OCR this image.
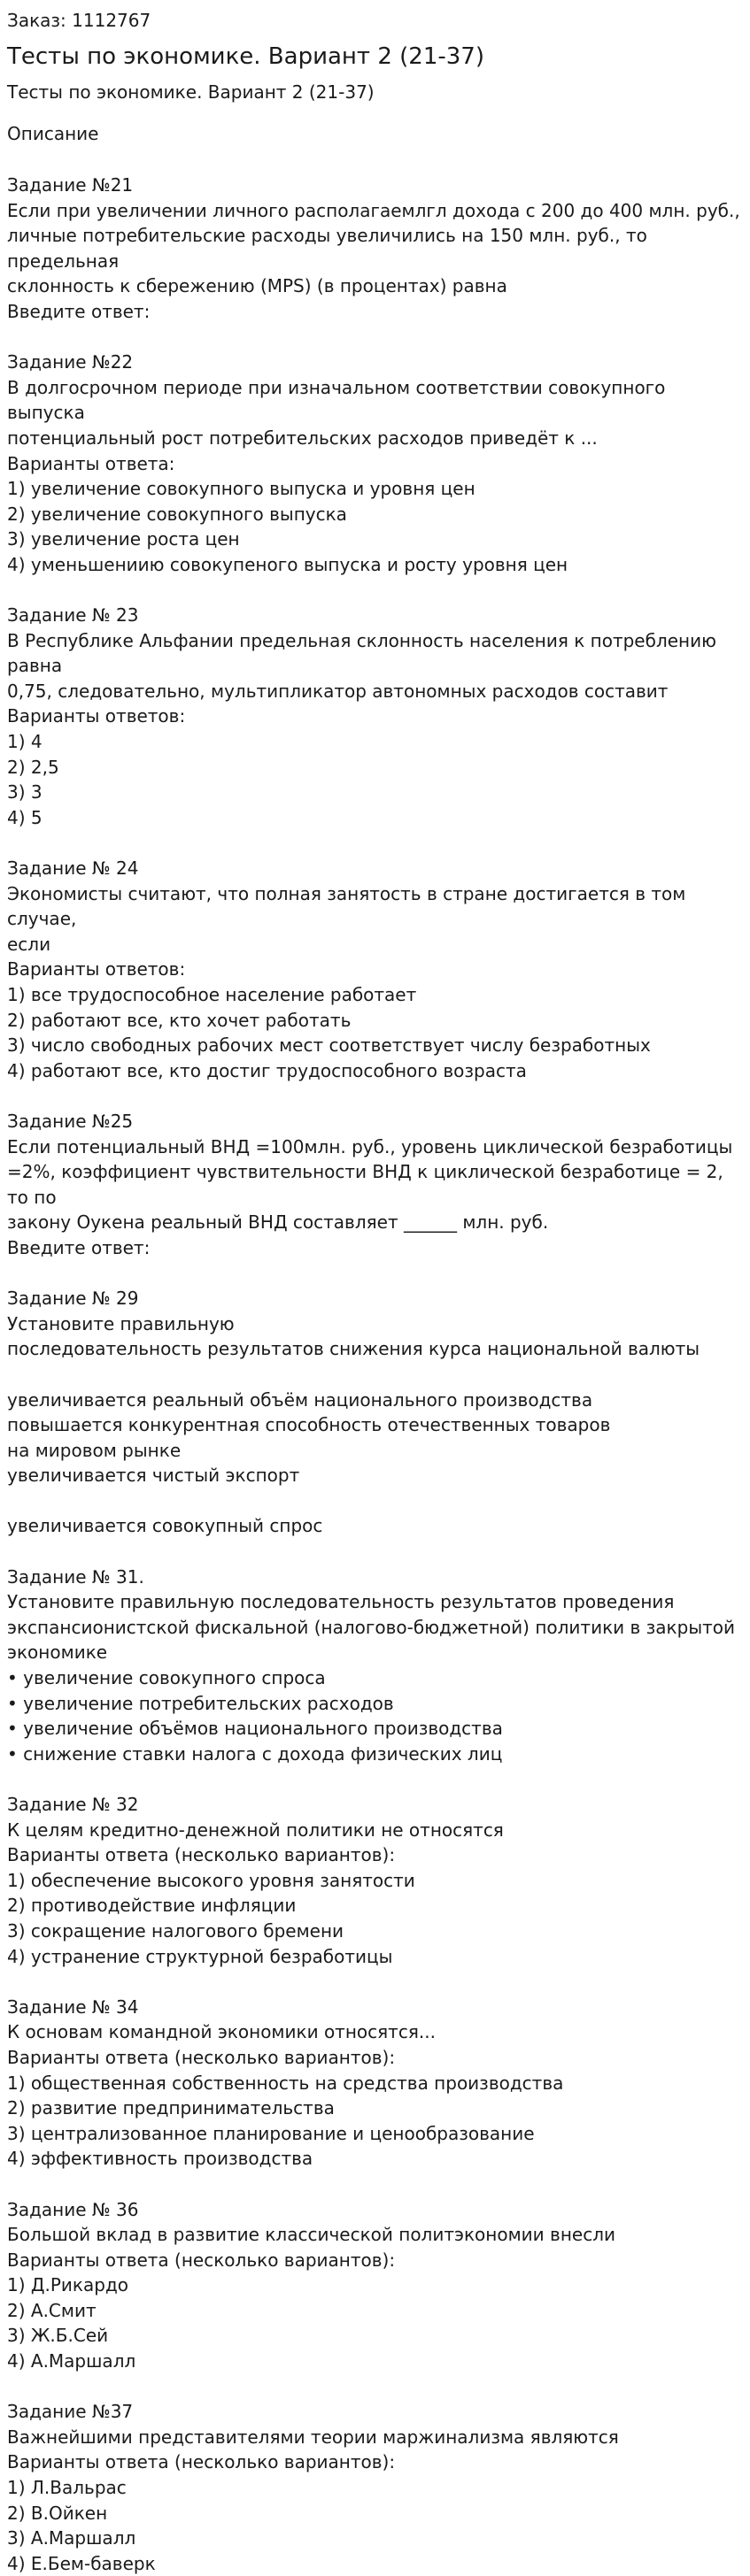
Заказ: 1112767
Тесты по экономике. Вариант 2 (21-37)
Тесты по экономике. Вариант 2 (21-37)
Описание
Задание №21
Если при увеличении личного располагаемлгл дохода с 200 до 400 млн. руб.,
личные потребительские расходы увеличились на 150 млн. руб., то предельная
склонность к сбережению (MPS) (в процентах) равна
Введите ответ:
Задание №22
В долгосрочном периоде при изначальном соответствии совокупного выпуска
потенциальный рост потребительских расходов приведёт к ...
Варианты ответа:
1) увеличение совокупного выпуска и уровня цен
2) увеличение совокупного выпуска
3) увеличение роста цен
4) уменьшениию совокупеного выпуска и росту уровня цен
Задание № 23
В Республике Альфании предельная склонность населения к потреблению равна
0,75, следовательно, мультипликатор автономных расходов составит
Варианты ответов:
1) 4
2) 2,5
3) 3
4) 5
Задание № 24
Экономисты считают, что полная занятость в стране достигается в том случае,
если
Варианты ответов:
1) все трудоспособное население работает
2) работают все, кто хочет работать
3) число свободных рабочих мест соответствует числу безработных
4) работают все, кто достиг трудоспособного возраста
Задание №25
Если потенциальный ВНД =100млн. руб., уровень циклической безработицы
=2%, коэффициент чувствительности ВНД к циклической безработице = 2, то по
закону Оукена реальный ВНД составляет ______ млн. руб.
Введите ответ:
Задание № 29
Установите правильную
последовательность результатов снижения курса национальной валюты
увеличивается реальный объём национального производства
повышается конкурентная способность отечественных товаров
на мировом рынке
увеличивается чистый экспорт
увеличивается совокупный спрос
Задание № 31.
Установите правильную последовательность результатов проведения
экспансионистской фискальной (налогово-бюджетной) политики в закрытой
экономике
• увеличение совокупного спроса
• увеличение потребительских расходов
• увеличение объёмов национального производства
• снижение ставки налога с дохода физических лиц
Задание № 32
К целям кредитно-денежной политики не относятся
Варианты ответа (несколько вариантов):
1) обеспечение высокого уровня занятости
2) противодействие инфляции
3) сокращение налогового бремени
4) устранение структурной безработицы
Задание № 34
К основам командной экономики относятся...
Варианты ответа (несколько вариантов):
1) общественная собственность на средства производства
2) развитие предпринимательства
3) централизованное планирование и ценообразование
4) эффективность производства
Задание № 36
Большой вклад в развитие классической политэкономии внесли
Варианты ответа (несколько вариантов):
1) Д.Рикардо
2) А.Смит
3) Ж.Б.Сей
4) А.Маршалл
Задание №37
Важнейшими представителями теории маржинализма являются
Варианты ответа (несколько вариантов):
1) Л.Вальрас
2) В.Ойкен
3) А.Маршалл
4) Е.Бем-баверк
